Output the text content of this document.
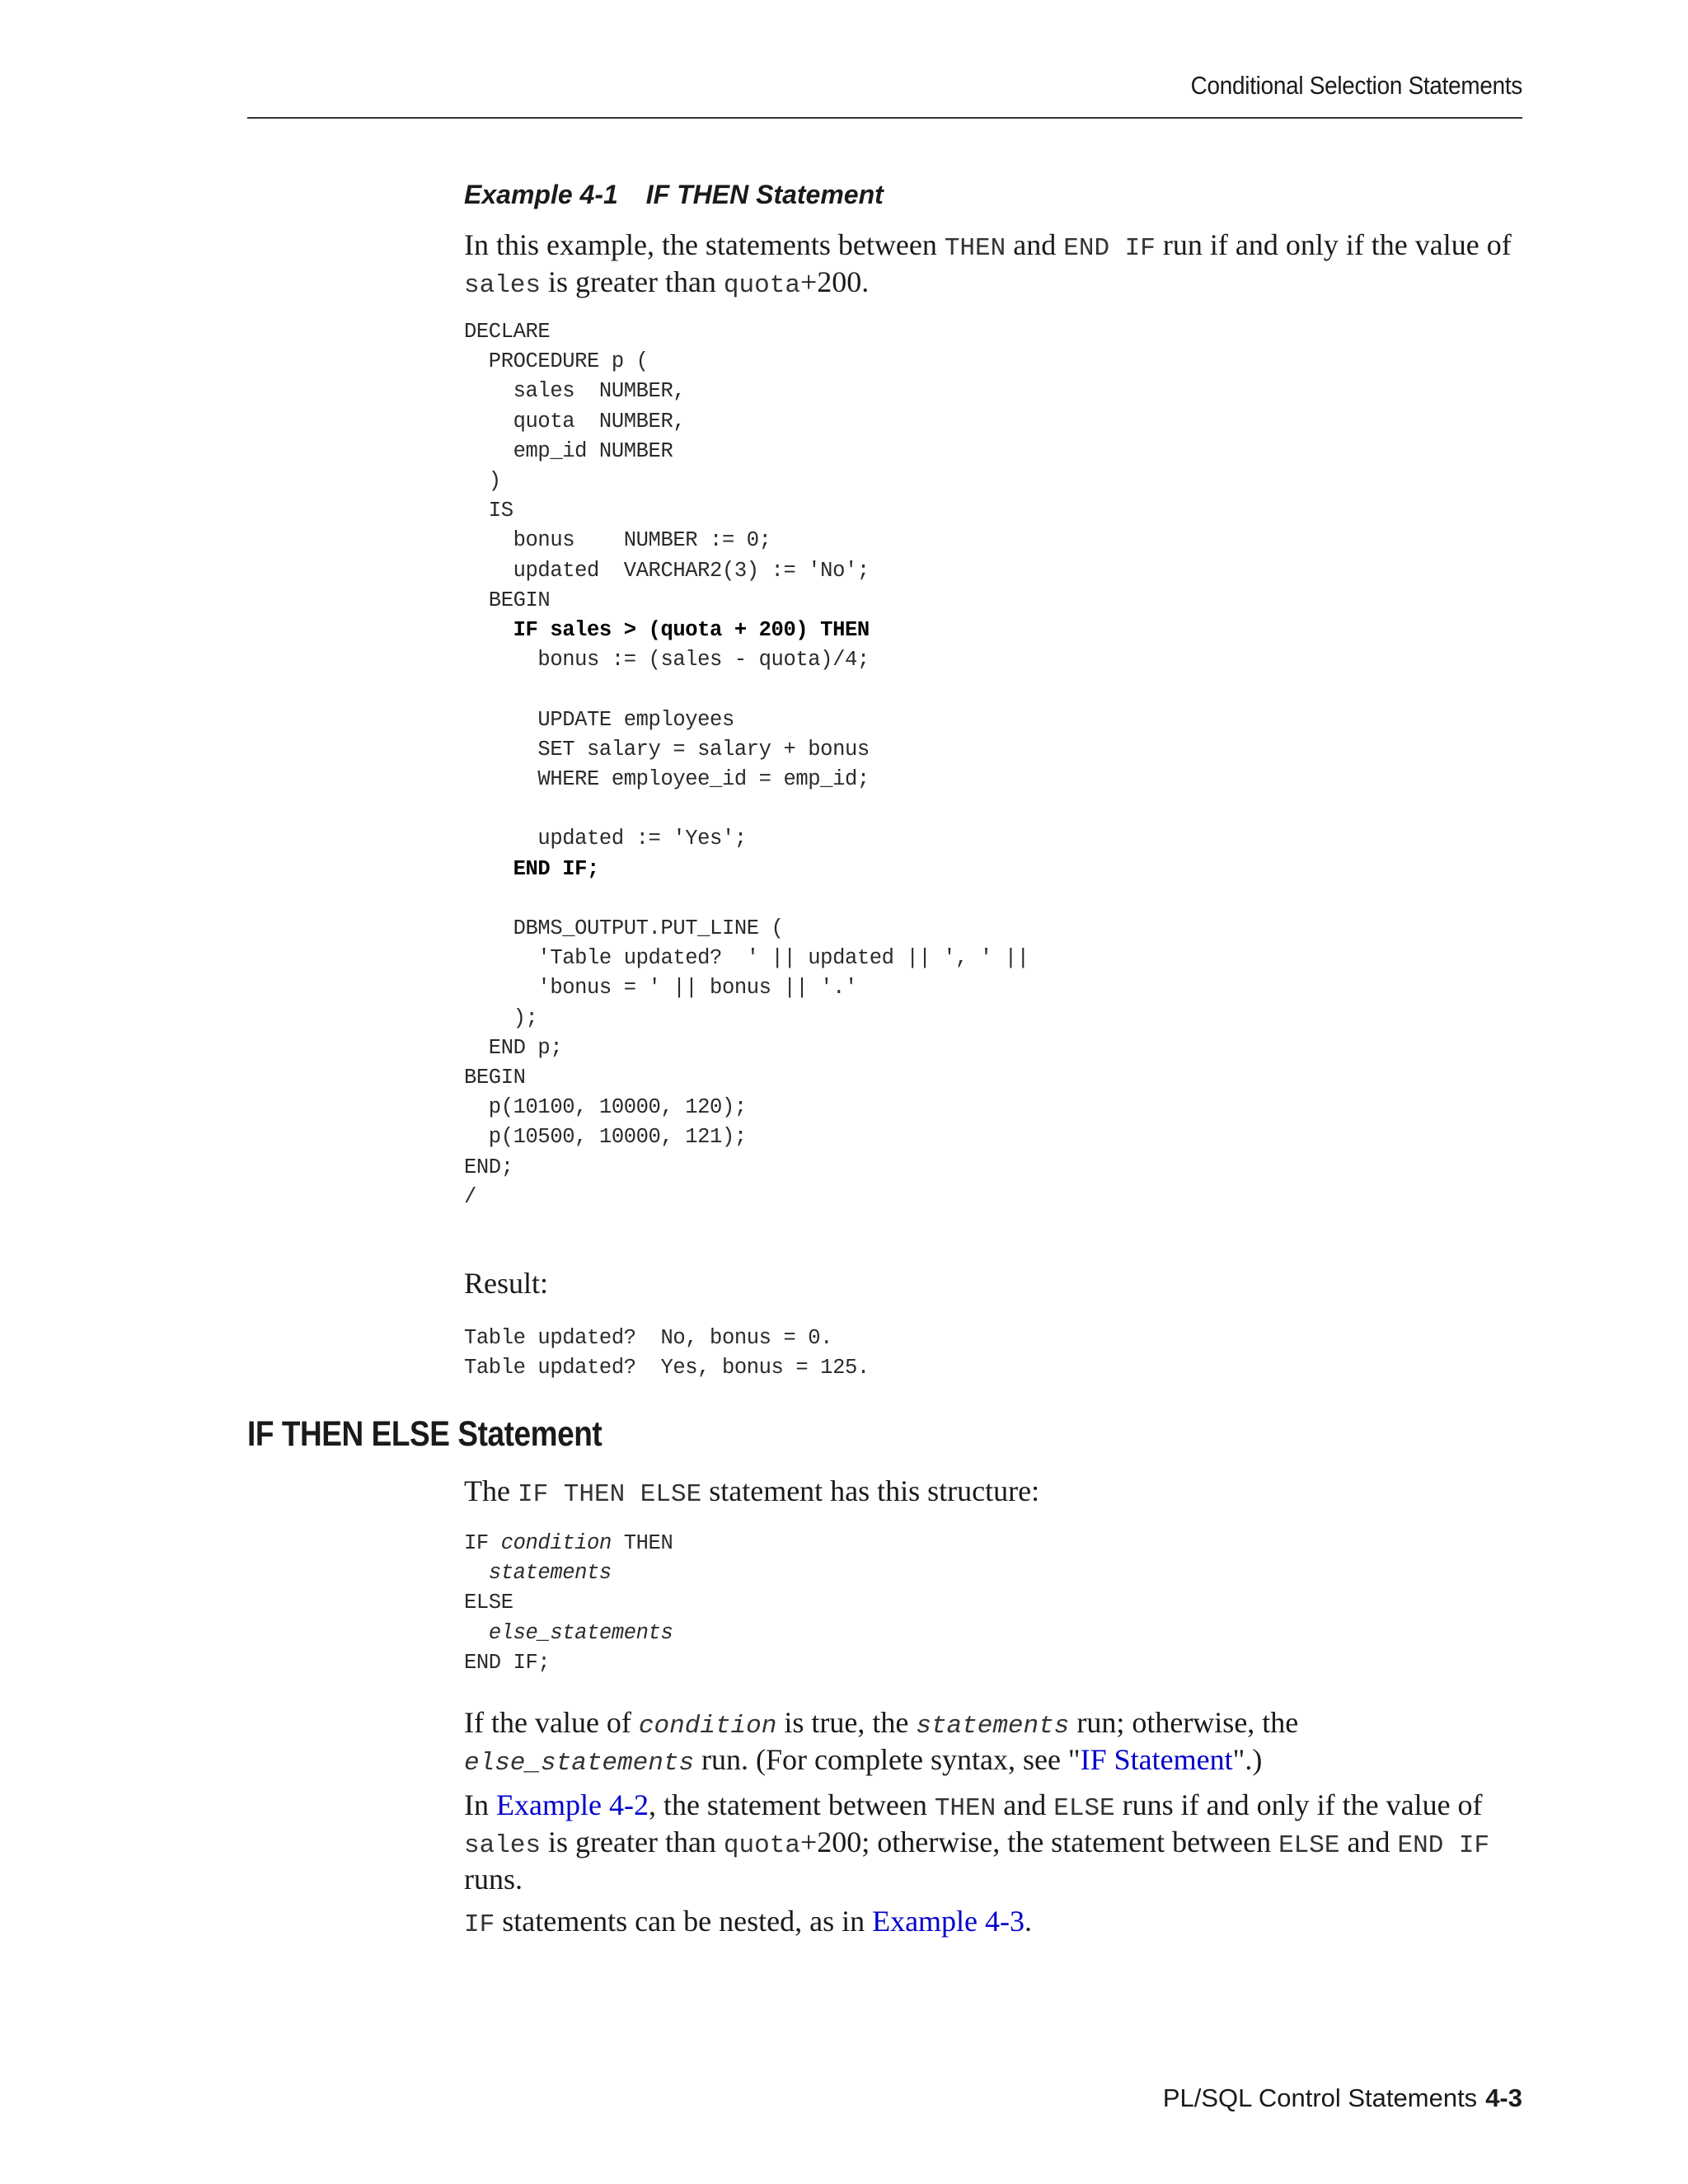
Conditional Selection Statements
Example 4-1 IF THEN Statement
In this example, the statements between THEN and END IF run if and only if the value of sales is greater than quota+200.
DECLARE
PROCEDURE p (
sales  NUMBER,
quota  NUMBER,
emp_id NUMBER
)
IS
bonus    NUMBER := 0;
updated  VARCHAR2(3) := 'No';
BEGIN
IF sales > (quota + 200) THEN
bonus := (sales - quota)/4;

UPDATE employees
SET salary = salary + bonus
WHERE employee_id = emp_id;

updated := 'Yes';
END IF;

DBMS_OUTPUT.PUT_LINE (
'Table updated?  ' || updated || ', ' ||
'bonus = ' || bonus || '.'
);
END p;
BEGIN
p(10100, 10000, 120);
p(10500, 10000, 121);
END;
/
Result:
Table updated?  No, bonus = 0.
Table updated?  Yes, bonus = 125.
IF THEN ELSE Statement
The IF THEN ELSE statement has this structure:
IF condition THEN
statements
ELSE
else_statements
END IF;
If the value of condition is true, the statements run; otherwise, the else_statements run. (For complete syntax, see "IF Statement".)
In Example 4-2, the statement between THEN and ELSE runs if and only if the value of sales is greater than quota+200; otherwise, the statement between ELSE and END IF runs.
IF statements can be nested, as in Example 4-3.
PL/SQL Control Statements 4-3
